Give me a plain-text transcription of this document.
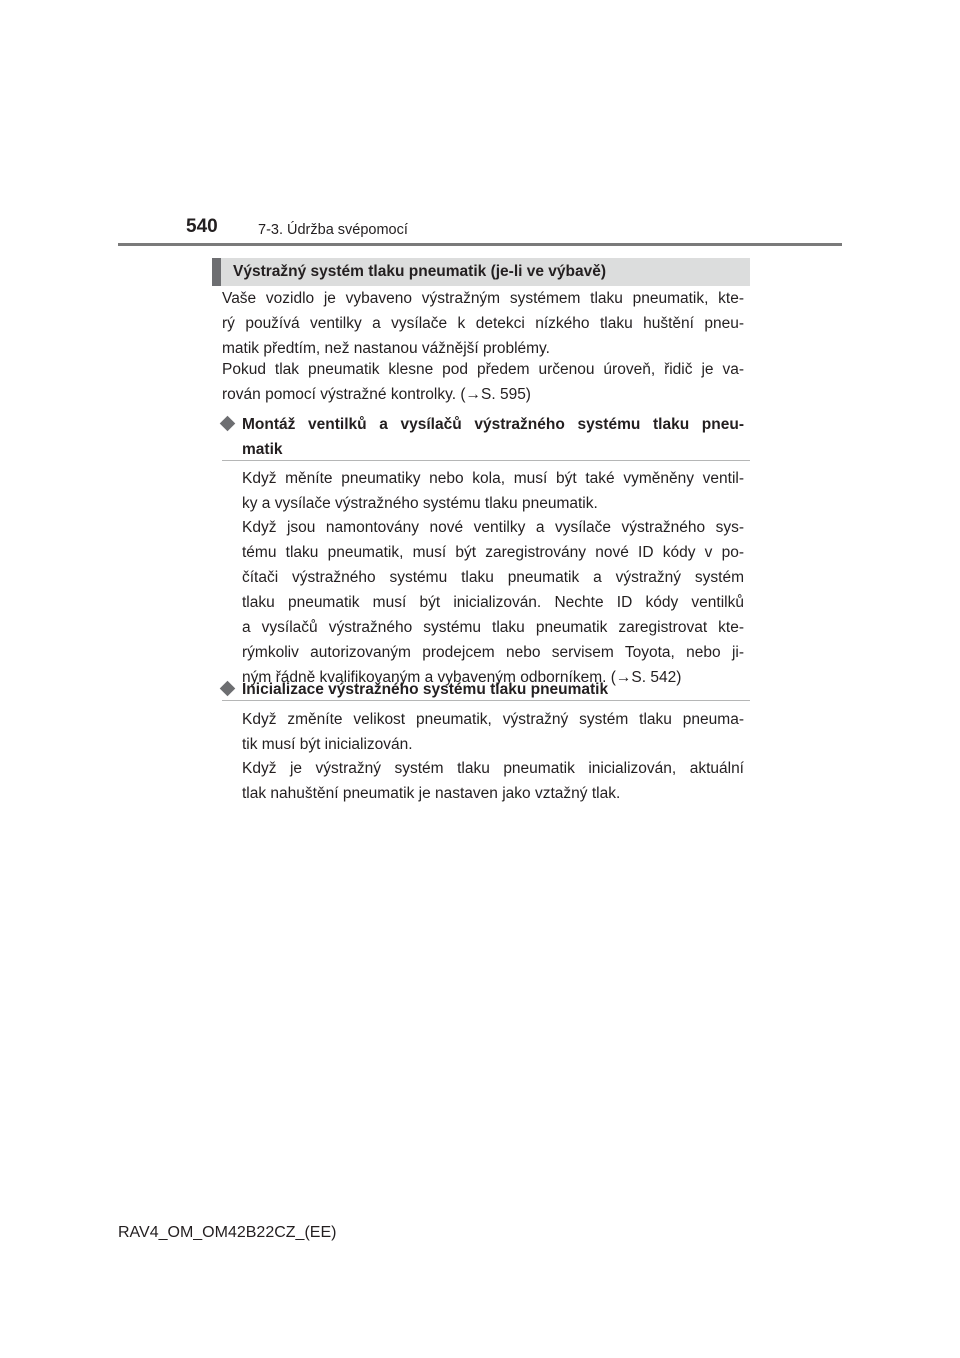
540	7-3. Údržba svépomocí
Výstražný systém tlaku pneumatik (je-li ve výbavě)

Vaše vozidlo je vybaveno výstražným systémem tlaku pneumatik, kte-
rý používá ventilky a vysílače k detekci nízkého tlaku huštění pneu-
matik předtím, než nastanou vážnější problémy.

Pokud tlak pneumatik klesne pod předem určenou úroveň, řidič je va-
rován pomocí výstražné kontrolky. (→S. 595)

Montáž ventilků a vysílačů výstražného systému tlaku pneu-
matik

Když měníte pneumatiky nebo kola, musí být také vyměněny ventil-
ky a vysílače výstražného systému tlaku pneumatik.

Když jsou namontovány nové ventilky a vysílače výstražného sys-
tému tlaku pneumatik, musí být zaregistrovány nové ID kódy v po-
čítači výstražného systému tlaku pneumatik a výstražný systém
tlaku pneumatik musí být inicializován. Nechte ID kódy ventilků
a vysílačů výstražného systému tlaku pneumatik zaregistrovat kte-
rýmkoliv autorizovaným prodejcem nebo servisem Toyota, nebo ji-
ným řádně kvalifikovaným a vybaveným odborníkem. (→S. 542)

Inicializace výstražného systému tlaku pneumatik

Když změníte velikost pneumatik, výstražný systém tlaku pneuma-
tik musí být inicializován.

Když je výstražný systém tlaku pneumatik inicializován, aktuální
tlak nahuštění pneumatik je nastaven jako vztažný tlak.

RAV4_OM_OM42B22CZ_(EE)
